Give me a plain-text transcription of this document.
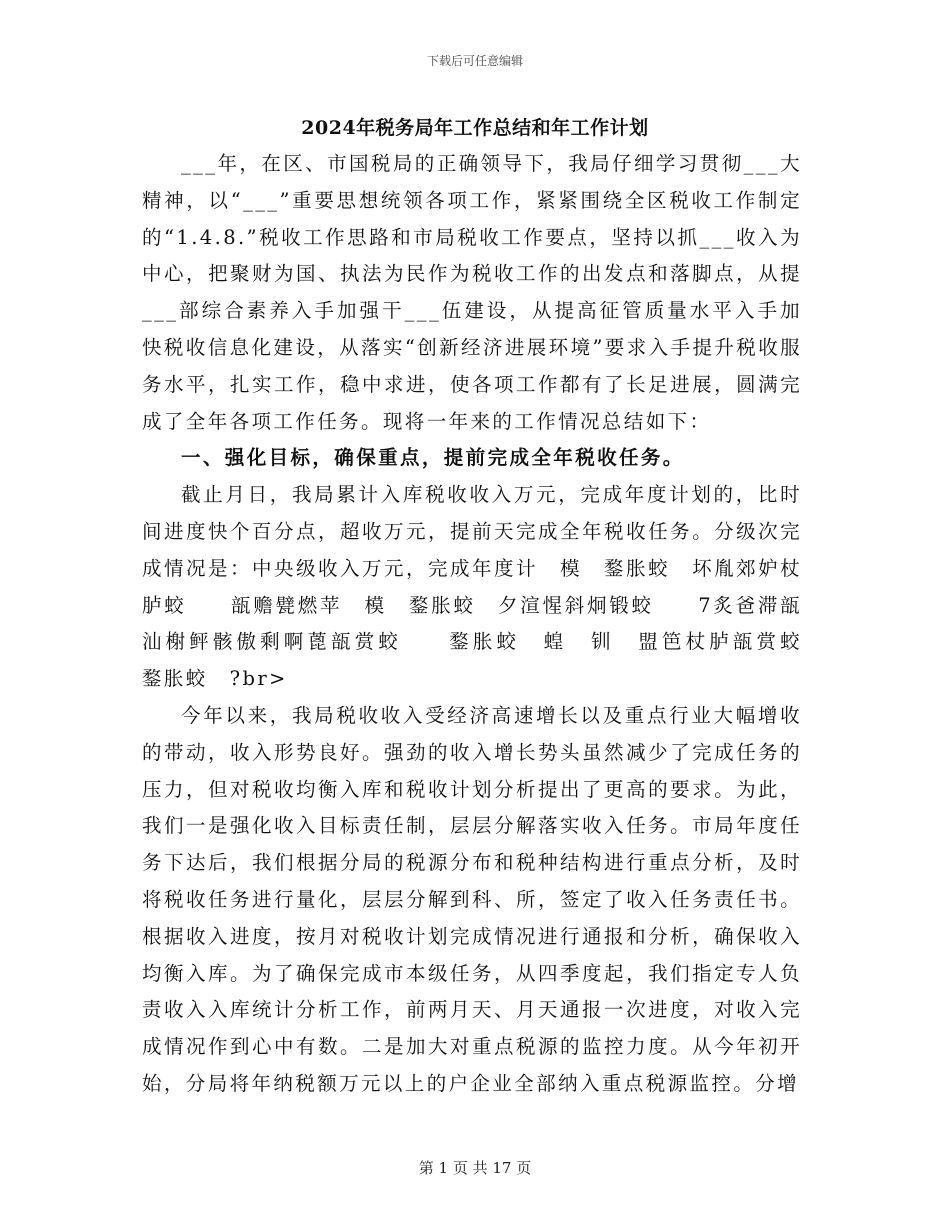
下载后可任意编辑
2024年税务局年工作总结和年工作计划

___年，在区、市国税局的正确领导下，我局仔细学习贯彻___大精神，以“___”重要思想统领各项工作，紧紧围绕全区税收工作制定的“1.4.8.”税收工作思路和市局税收工作要点，坚持以抓___收入为中心，把聚财为国、执法为民作为税收工作的出发点和落脚点，从提___部综合素养入手加强干___伍建设，从提高征管质量水平入手加快税收信息化建设，从落实“创新经济进展环境”要求入手提升税收服务水平，扎实工作，稳中求进，使各项工作都有了长足进展，圆满完成了全年各项工作任务。现将一年来的工作情况总结如下：

一、强化目标，确保重点，提前完成全年税收任务。

截止月日，我局累计入库税收收入万元，完成年度计划的，比时间进度快个百分点，超收万元，提前天完成全年税收任务。分级次完成情况是：中央级收入万元，完成年度计　模　鍪胀蛟　坏胤郊妒杖胪蛟　　瓿赡甓燃苹　模　鍪胀蛟　夕渲惺斜炯锻蛟　　7炙爸滞瓿汕榭鲆骸傲剩啊蓖瓿赏蛟　　鍪胀蛟　蝗　钏　盟笆杖胪瓿赏蛟　　鍪胀蛟　?br>

今年以来，我局税收收入受经济高速增长以及重点行业大幅增收的带动，收入形势良好。强劲的收入增长势头虽然减少了完成任务的压力，但对税收均衡入库和税收计划分析提出了更高的要求。为此，我们一是强化收入目标责任制，层层分解落实收入任务。市局年度任务下达后，我们根据分局的税源分布和税种结构进行重点分析，及时将税收任务进行量化，层层分解到科、所，签定了收入任务责任书。根据收入进度，按月对税收计划完成情况进行通报和分析，确保收入均衡入库。为了确保完成市本级任务，从四季度起，我们指定专人负责收入入库统计分析工作，前两月天、月天通报一次进度，对收入完成情况作到心中有数。二是加大对重点税源的监控力度。从今年初开始，分局将年纳税额万元以上的户企业全部纳入重点税源监控。分增

第 1 页 共 17 页
